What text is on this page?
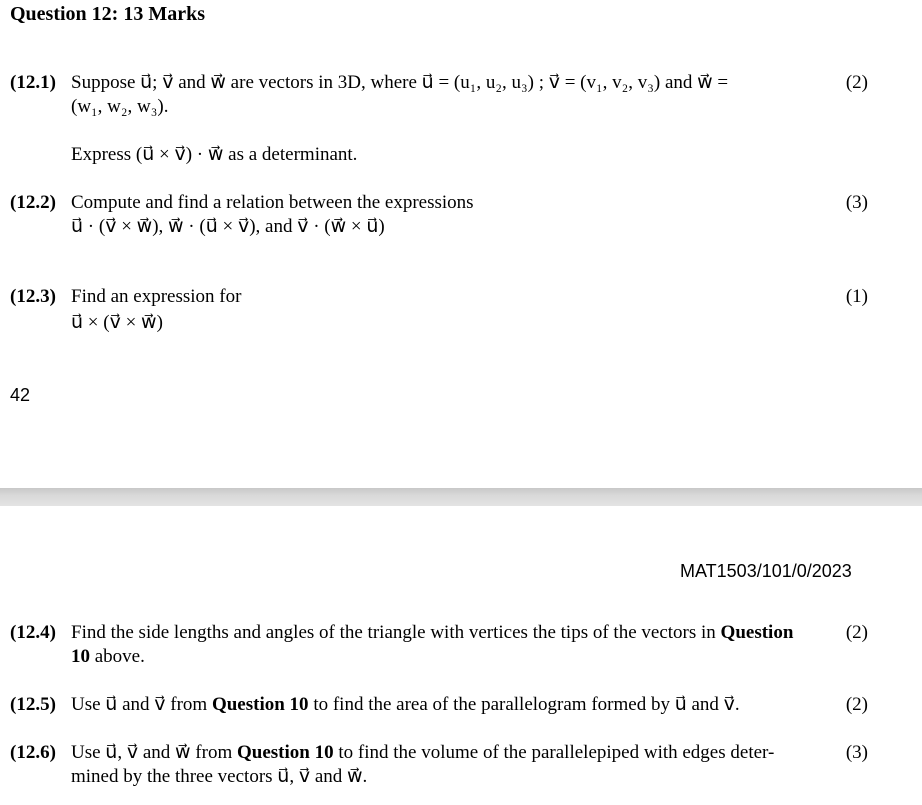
Question 12: 13 Marks
(12.1) Suppose u⃗; v⃗ and w⃗ are vectors in 3D, where u⃗ = (u₁, u₂, u₃) ; v⃗ = (v₁, v₂, v₃) and w⃗ =
(w₁, w₂, w₃).
Express (u⃗ × v⃗) · w⃗ as a determinant.
(2)
(12.2) Compute and find a relation between the expressions
u⃗ · (v⃗ × w⃗), w⃗ · (u⃗ × v⃗), and v⃗ · (w⃗ × u⃗)
(3)
(12.3) Find an expression for
u⃗ × (v⃗ × w⃗)
(1)
42
MAT1503/101/0/2023
(12.4) Find the side lengths and angles of the triangle with vertices the tips of the vectors in Question
10 above.
(2)
(12.5) Use u⃗ and v⃗ from Question 10 to find the area of the parallelogram formed by u⃗ and v⃗.	(2)
(12.6) Use u⃗, v⃗ and w⃗ from Question 10 to find the volume of the parallelepiped with edges deter-
mined by the three vectors u⃗, v⃗ and w⃗.
(3)
